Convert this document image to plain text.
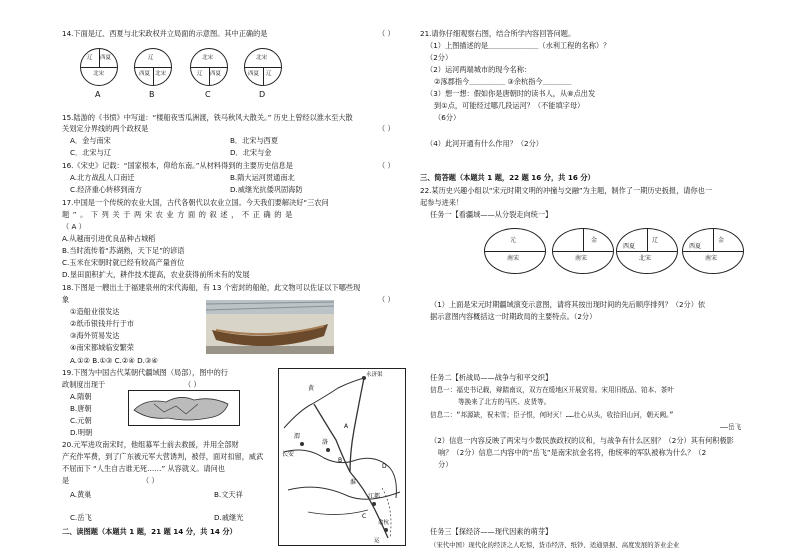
14.下面是辽、西夏与北宋政权并立局面的示意图。其中正确的是	（ ）
辽 西夏
北宋
A
辽
西夏 北宋
B
北宋
辽 西夏
C
北宋
西夏 辽
D
15.陆游的《书愤》中写道：“楼船夜雪瓜洲渡，铁马秋风大散关。” 历史上曾经以淮水至大散
关划定分界线的两个政权是	（ ）
A．金与南宋	B．北宋与西夏
C．北宋与辽	D．北宋与金
16.《宋史》记载：“国家根本，仰给东南。”从材料得到的主要历史信息是	（ ）
A.北方战乱人口南迁	B.隋大运河贯通南北
C.经济重心转移到南方	D.威继光抗倭巩固海防
17.中国是一个传统的农业大国，古代各朝代以农业立国。今天我们要解决好“三农问
题”。下列关于两宋农业方面的叙述，不正确的是
（ A ）
A.从越南引进优良品种占城稻
B.当时流传着“苏湖熟，天下足”的谚语
C.玉米在宋朝时就已经有较高产量首位
D.垦田面积扩大，耕作技术提高，农业获得前所未有的发展
18.下图是一艘出土于福建泉州的宋代海船，有 13 个密封的船舱，此文物可以佐证以下哪些现
象	（ ）
①造船业很发达
②纸币银钱并行于市
③海外贸易发达
④南宋都城临安繁荣
A.①② B.①③ C.②④ D.③④
19.下图为中国古代某朝代疆域图（局部），图中的行
政制度出现于	（ ）
A.隋朝
B.唐朝
C.元朝
D.明朝
20.元军进攻南宋时，他组募军士前去救援，并用全部财
产充作军费，到了广东被元军大营诱判，被俘，面对扣留，威武
不屈而下 “人生自古谁无死……” 从容就义。请问也
是	（ ）
A.黄巢	B.文天祥
C.岳飞	D.戚继光
二、读图题（本题共 1 题，21 题 14 分，共 14 分）
黄
A
渭
长安
洛
淮
江都
运
余杭
B
C
D
永济渠
21.请你仔细观察右图，结合所学内容回答问题。
（1）上图描述的是＿＿＿＿＿＿＿（水利工程的名称）？
（2分）
（2）运河两端城市的现今名称：
②涿郡指今＿＿＿＿＿ ③余杭指今＿＿＿＿
（3）想一想：假如你是唐朝时的读书人，从⑧点出发
到①点，可能经过哪几段运河？（不能填字母）
（6分）
（4）此河开通有什么作用？（2分）
三、简答题（本题共 1 题，22 题 16 分，共 16 分）
22.某历史兴趣小组以“宋元时期文明的冲撞与交融”为主题，制作了一期历史扳报，请你也一
起参与进来！
任务一【看疆域——从分裂走向统一】
元
南宋
金
南宋
辽
西夏
北宋
金
西夏
南宋
（1）上面是宋元时期疆域演变示意图，请将其按出现时间的先后顺序排列？（2分）依
据示意图内容概括这一时期政局的主要特点。（2分）
任务二【析战局——战争与和平交织】
信息一：福史书记载，辩踏南议，双方在缓地区开展贸易。宋用旧纸品、铂本、茶叶
等换来了北方的马匹、皮货等。
信息二：“邦源缺，祝未雪；臣子恨，何时灭！……壮心从头，收拾旧山河，朝天阙。”
——岳飞
（2）信息一内容反映了两宋与少数民族政权的议和，与战争有什么区别？（2分）其有何积极影
响？（2分）信息二内容中的“岳飞”是南宋抗金名将，他统率的军队被称为什么？（2
分）
任务三【探经济——现代因素的萌芽】
（宋代中国）现代化的经济之人吃惊，货币经济、纸钞、适通票据、高度发展的茶业企业
